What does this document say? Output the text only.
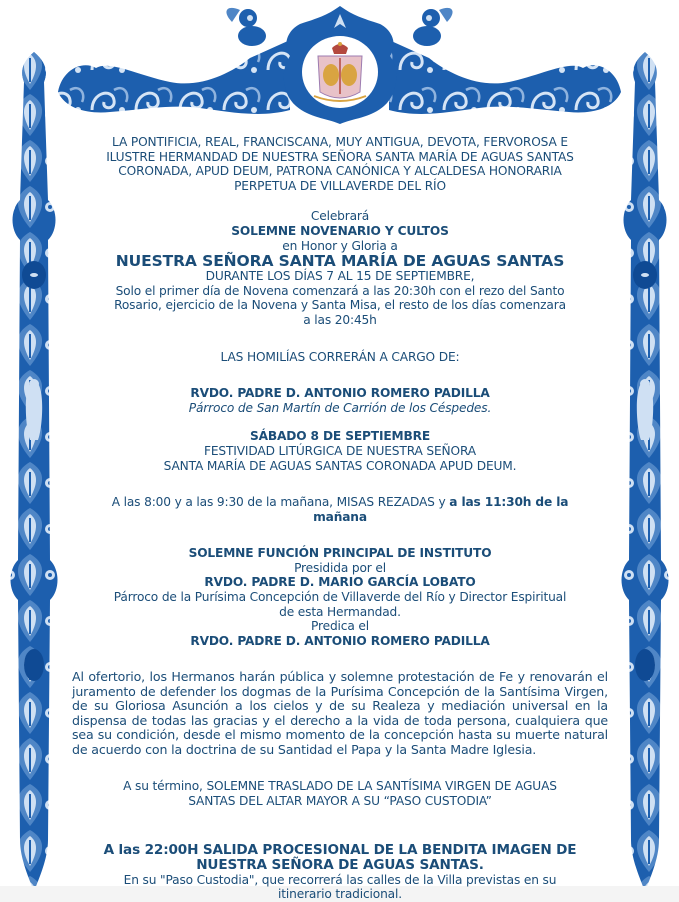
LA PONTIFICIA, REAL, FRANCISCANA, MUY ANTIGUA, DEVOTA, FERVOROSA E

ILUSTRE HERMANDAD DE NUESTRA SEÑORA SANTA MARÍA DE AGUAS SANTAS

CORONADA, APUD DEUM, PATRONA CANÓNICA Y ALCALDESA HONORARIA

PERPETUA DE VILLAVERDE DEL RÍO

Celebrará

SOLEMNE NOVENARIO Y CULTOS

en Honor y Gloria a

NUESTRA SEÑORA SANTA MARÍA DE AGUAS SANTAS

DURANTE LOS DÍAS 7 AL 15 DE SEPTIEMBRE,

Solo el primer día de Novena comenzará a las 20:30h con el rezo del Santo

Rosario, ejercicio de la Novena y Santa Misa, el resto de los días comenzara

a las 20:45h

LAS HOMILÍAS CORRERÁN A CARGO DE:

RVDO. PADRE D. ANTONIO ROMERO PADILLA

Párroco de San Martín de Carrión de los Céspedes.

SÁBADO 8 DE SEPTIEMBRE

FESTIVIDAD LITÚRGICA DE NUESTRA SEÑORA

SANTA MARÍA DE AGUAS SANTAS CORONADA APUD DEUM.

A las 8:00 y a las 9:30 de la mañana, MISAS REZADAS y a las 11:30h de la

mañana

SOLEMNE FUNCIÓN PRINCIPAL DE INSTITUTO

Presidida por el

RVDO. PADRE D. MARIO GARCÍA LOBATO

Párroco de la Purísima Concepción de Villaverde del Río y Director Espiritual

de esta Hermandad.

Predica el

RVDO. PADRE D. ANTONIO ROMERO PADILLA

Al ofertorio, los Hermanos harán pública y solemne protestación de Fe y renovarán el juramento de defender los dogmas de la Purísima Concepción de la Santísima Virgen, de su Gloriosa Asunción a los cielos y de su Realeza y mediación universal en la dispensa de todas las gracias y el derecho a la vida de toda persona, cualquiera que sea su condición, desde el mismo momento de la concepción hasta su muerte natural de acuerdo con la doctrina de su Santidad el Papa y la Santa Madre Iglesia.

A su término, SOLEMNE TRASLADO DE LA SANTÍSIMA VIRGEN DE AGUAS

SANTAS DEL ALTAR MAYOR A SU “PASO CUSTODIA”

A las 22:00H SALIDA PROCESIONAL DE LA BENDITA IMAGEN DE

NUESTRA SEÑORA DE AGUAS SANTAS.

En su "Paso Custodia", que recorrerá las calles de la Villa previstas en su

itinerario tradicional.
